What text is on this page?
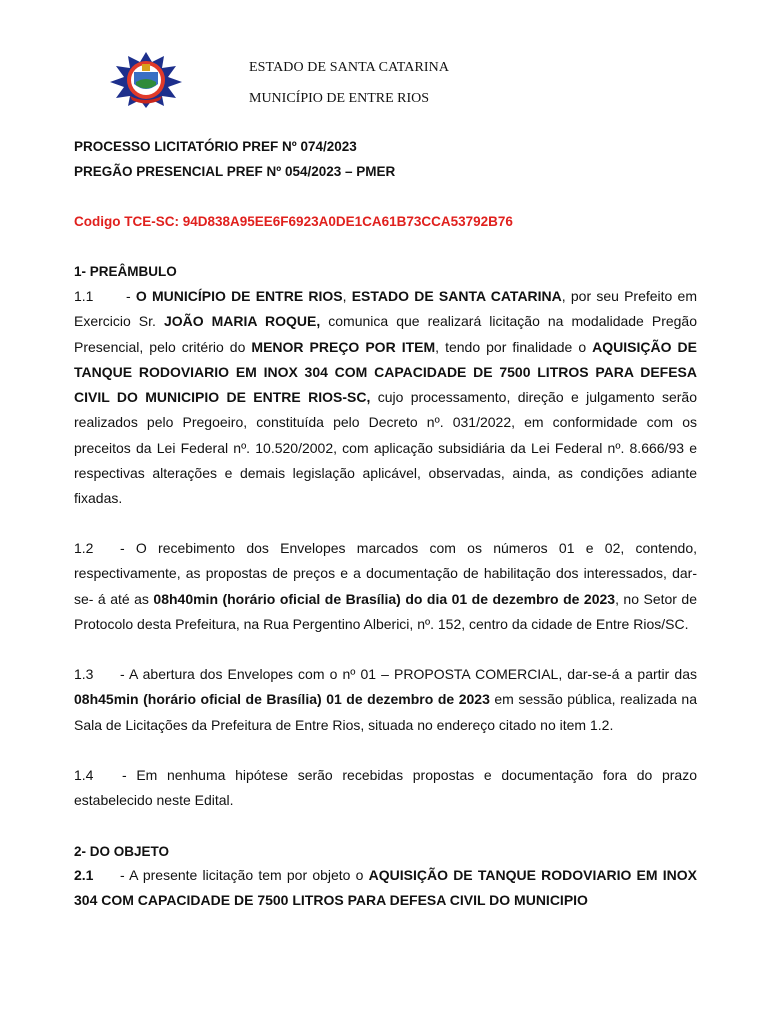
ESTADO DE SANTA CATARINA
MUNICÍPIO DE ENTRE RIOS
PROCESSO LICITATÓRIO PREF Nº 074/2023
PREGÃO PRESENCIAL PREF Nº 054/2023 – PMER
Codigo TCE-SC: 94D838A95EE6F6923A0DE1CA61B73CCA53792B76
1- PREÂMBULO
1.1 - O MUNICÍPIO DE ENTRE RIOS, ESTADO DE SANTA CATARINA, por seu Prefeito em Exercicio Sr. JOÃO MARIA ROQUE, comunica que realizará licitação na modalidade Pregão Presencial, pelo critério do MENOR PREÇO POR ITEM, tendo por finalidade o AQUISIÇÃO DE TANQUE RODOVIARIO EM INOX 304 COM CAPACIDADE DE 7500 LITROS PARA DEFESA CIVIL DO MUNICIPIO DE ENTRE RIOS-SC, cujo processamento, direção e julgamento serão realizados pelo Pregoeiro, constituída pelo Decreto nº. 031/2022, em conformidade com os preceitos da Lei Federal nº. 10.520/2002, com aplicação subsidiária da Lei Federal nº. 8.666/93 e respectivas alterações e demais legislação aplicável, observadas, ainda, as condições adiante fixadas.
1.2 - O recebimento dos Envelopes marcados com os números 01 e 02, contendo, respectivamente, as propostas de preços e a documentação de habilitação dos interessados, dar-se- á até as 08h40min (horário oficial de Brasília) do dia 01 de dezembro de 2023, no Setor de Protocolo desta Prefeitura, na Rua Pergentino Alberici, nº. 152, centro da cidade de Entre Rios/SC.
1.3 - A abertura dos Envelopes com o nº 01 – PROPOSTA COMERCIAL, dar-se-á a partir das 08h45min (horário oficial de Brasília) 01 de dezembro de 2023 em sessão pública, realizada na Sala de Licitações da Prefeitura de Entre Rios, situada no endereço citado no item 1.2.
1.4 - Em nenhuma hipótese serão recebidas propostas e documentação fora do prazo estabelecido neste Edital.
2- DO OBJETO
2.1 - A presente licitação tem por objeto o AQUISIÇÃO DE TANQUE RODOVIARIO EM INOX 304 COM CAPACIDADE DE 7500 LITROS PARA DEFESA CIVIL DO MUNICIPIO
